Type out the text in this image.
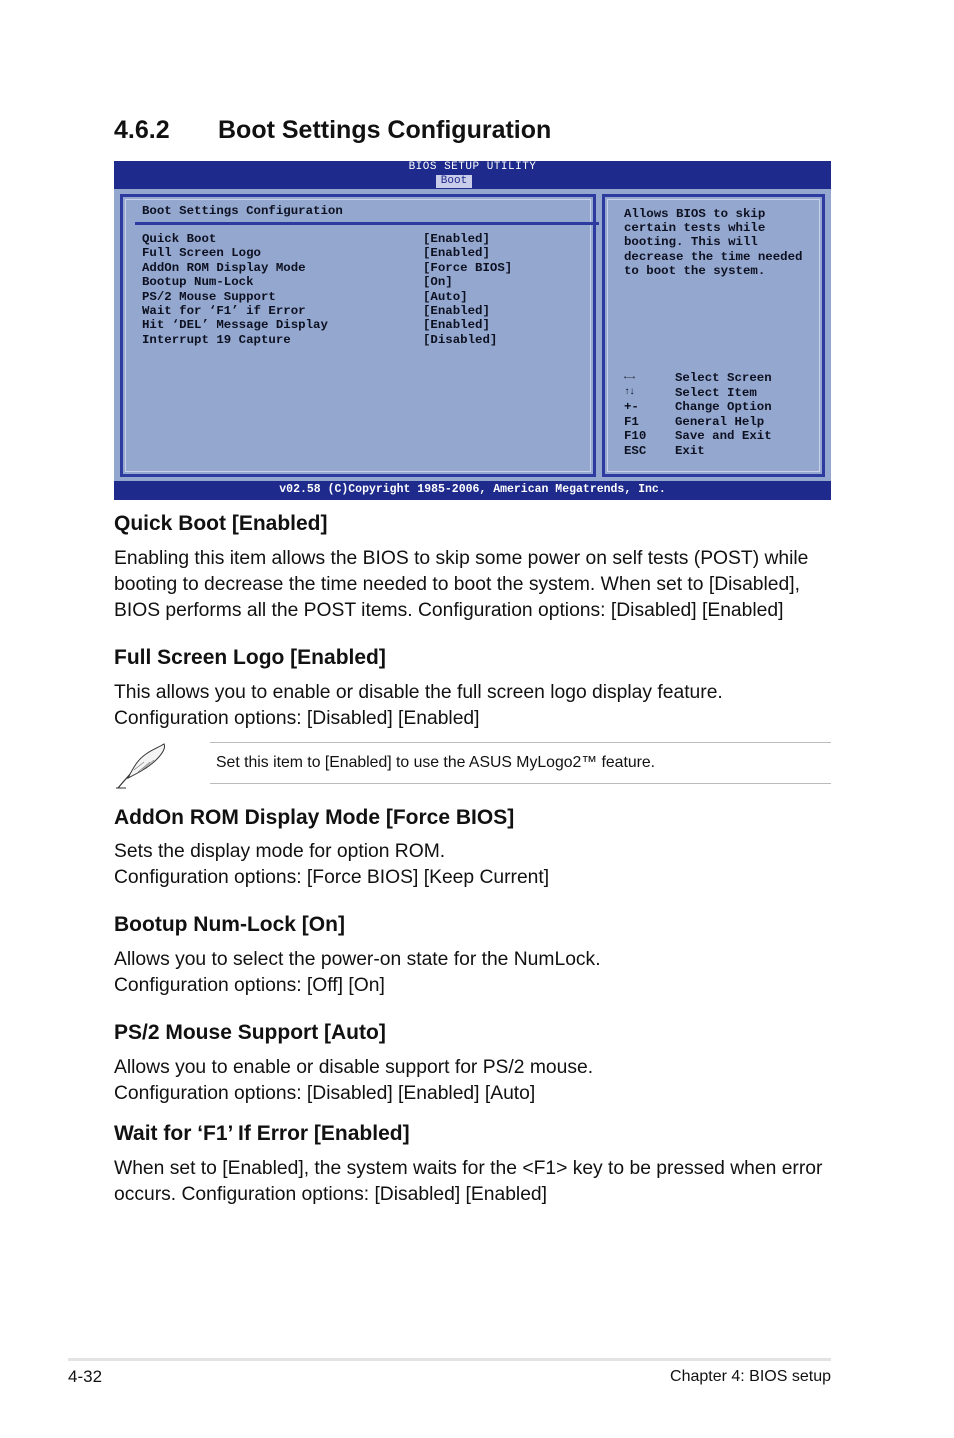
4.6.2 Boot Settings Configuration
BIOS SETUP UTILITY
Boot
Boot Settings Configuration
Quick Boot	[Enabled]
Full Screen Logo	[Enabled]
AddOn ROM Display Mode	[Force BIOS]
Bootup Num-Lock	[On]
PS/2 Mouse Support	[Auto]
Wait for ‘F1’ if Error	[Enabled]
Hit ‘DEL’ Message Display	[Enabled]
Interrupt 19 Capture	[Disabled]
Allows BIOS to skip
certain tests while
booting. This will
decrease the time needed
to boot the system.
←→	Select Screen
↑↓	Select Item
+-	Change Option
F1	General Help
F10 Save and Exit
ESC Exit
v02.58 (C)Copyright 1985-2006, American Megatrends, Inc.
Quick Boot [Enabled]

Enabling this item allows the BIOS to skip some power on self tests (POST) while booting to decrease the time needed to boot the system. When set to [Disabled], BIOS performs all the POST items. Configuration options: [Disabled] [Enabled]

Full Screen Logo [Enabled]

This allows you to enable or disable the full screen logo display feature.
Configuration options: [Disabled] [Enabled]

Set this item to [Enabled] to use the ASUS MyLogo2™ feature.
AddOn ROM Display Mode [Force BIOS]

Sets the display mode for option ROM.
Configuration options: [Force BIOS] [Keep Current]

Bootup Num-Lock [On]

Allows you to select the power-on state for the NumLock.
Configuration options: [Off] [On]

PS/2 Mouse Support [Auto]

Allows you to enable or disable support for PS/2 mouse.
Configuration options: [Disabled] [Enabled] [Auto]

Wait for ‘F1’ If Error [Enabled]

When set to [Enabled], the system waits for the <F1> key to be pressed when error occurs. Configuration options: [Disabled] [Enabled]

4-32	Chapter 4: BIOS setup
